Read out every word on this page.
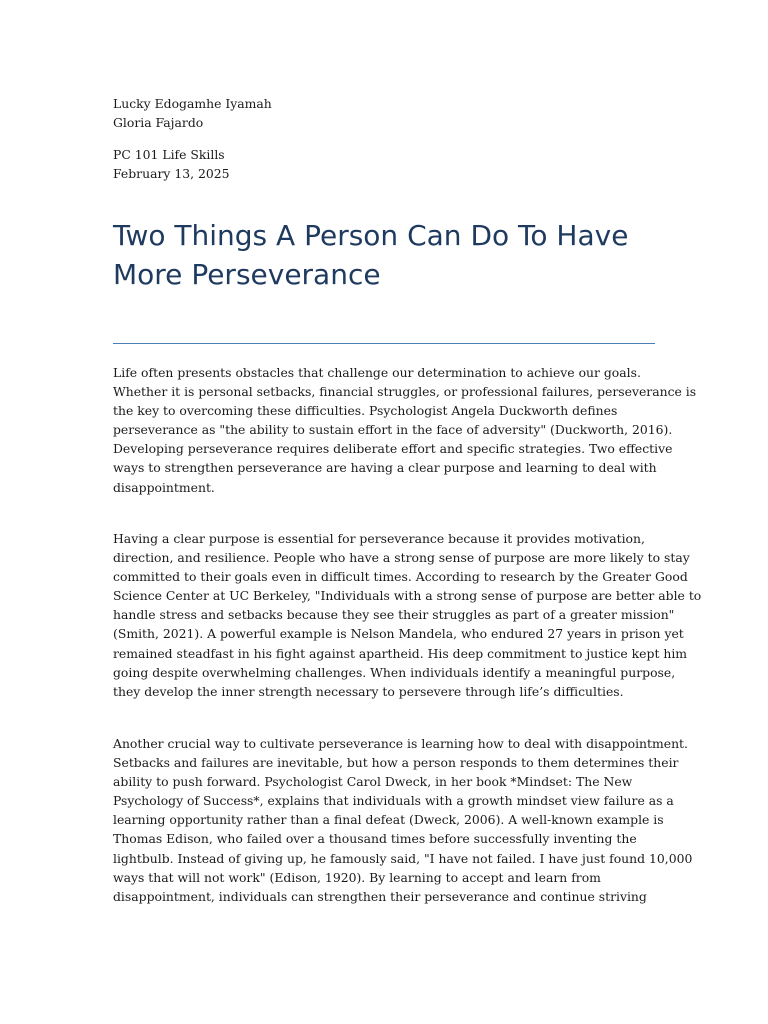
Lucky Edogamhe Iyamah
Gloria Fajardo
PC 101 Life Skills
February 13, 2025
Two Things A Person Can Do To Have
More Perseverance
Life often presents obstacles that challenge our determination to achieve our goals.
Whether it is personal setbacks, financial struggles, or professional failures, perseverance is
the key to overcoming these difficulties. Psychologist Angela Duckworth defines
perseverance as "the ability to sustain effort in the face of adversity" (Duckworth, 2016).
Developing perseverance requires deliberate effort and specific strategies. Two effective
ways to strengthen perseverance are having a clear purpose and learning to deal with
disappointment.
Having a clear purpose is essential for perseverance because it provides motivation,
direction, and resilience. People who have a strong sense of purpose are more likely to stay
committed to their goals even in difficult times. According to research by the Greater Good
Science Center at UC Berkeley, "Individuals with a strong sense of purpose are better able to
handle stress and setbacks because they see their struggles as part of a greater mission"
(Smith, 2021). A powerful example is Nelson Mandela, who endured 27 years in prison yet
remained steadfast in his fight against apartheid. His deep commitment to justice kept him
going despite overwhelming challenges. When individuals identify a meaningful purpose,
they develop the inner strength necessary to persevere through life’s difficulties.
Another crucial way to cultivate perseverance is learning how to deal with disappointment.
Setbacks and failures are inevitable, but how a person responds to them determines their
ability to push forward. Psychologist Carol Dweck, in her book *Mindset: The New
Psychology of Success*, explains that individuals with a growth mindset view failure as a
learning opportunity rather than a final defeat (Dweck, 2006). A well-known example is
Thomas Edison, who failed over a thousand times before successfully inventing the
lightbulb. Instead of giving up, he famously said, "I have not failed. I have just found 10,000
ways that will not work" (Edison, 1920). By learning to accept and learn from
disappointment, individuals can strengthen their perseverance and continue striving
